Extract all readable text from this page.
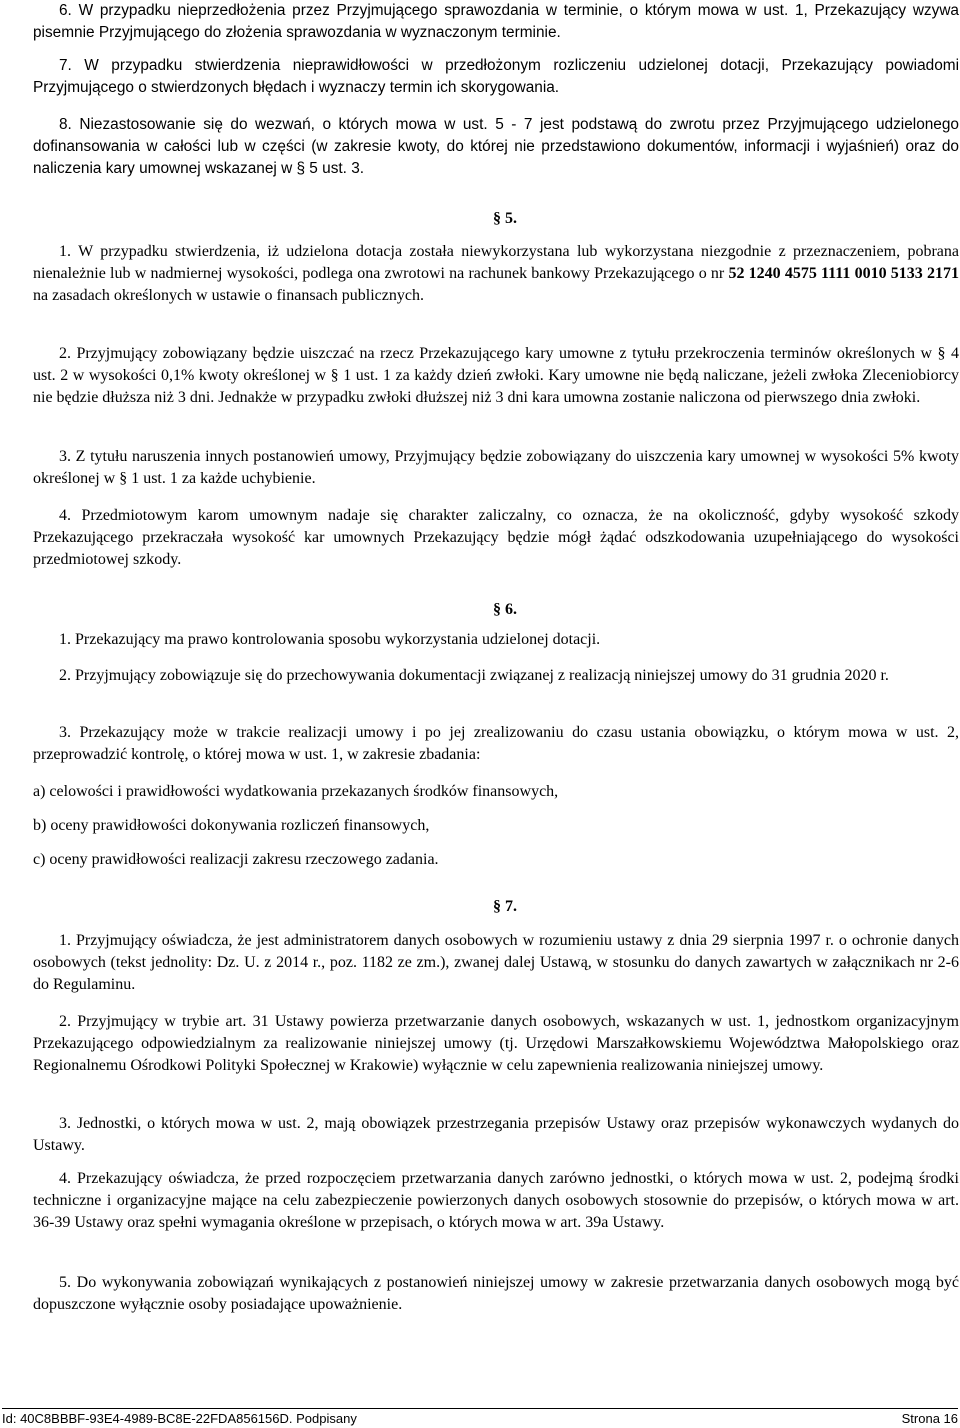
6. W przypadku nieprzedłożenia przez Przyjmującego sprawozdania w terminie, o którym mowa w ust. 1, Przekazujący wzywa pisemnie Przyjmującego do złożenia sprawozdania w wyznaczonym terminie.

7. W przypadku stwierdzenia nieprawidłowości w przedłożonym rozliczeniu udzielonej dotacji, Przekazujący powiadomi Przyjmującego o stwierdzonych błędach i wyznaczy termin ich skorygowania.

8. Niezastosowanie się do wezwań, o których mowa w ust. 5 - 7 jest podstawą do zwrotu przez Przyjmującego udzielonego dofinansowania w całości lub w części (w zakresie kwoty, do której nie przedstawiono dokumentów, informacji i wyjaśnień) oraz do naliczenia kary umownej wskazanej w § 5 ust. 3.

§ 5.

1. W przypadku stwierdzenia, iż udzielona dotacja została niewykorzystana lub wykorzystana niezgodnie z przeznaczeniem, pobrana nienależnie lub w nadmiernej wysokości, podlega ona zwrotowi na rachunek bankowy Przekazującego o nr 52 1240 4575 1111 0010 5133 2171 na zasadach określonych w ustawie o finansach publicznych.

2. Przyjmujący zobowiązany będzie uiszczać na rzecz Przekazującego kary umowne z tytułu przekroczenia terminów określonych w § 4 ust. 2 w wysokości 0,1% kwoty określonej w § 1 ust. 1 za każdy dzień zwłoki. Kary umowne nie będą naliczane, jeżeli zwłoka Zleceniobiorcy nie będzie dłuższa niż 3 dni. Jednakże w przypadku zwłoki dłuższej niż 3 dni kara umowna zostanie naliczona od pierwszego dnia zwłoki.

3. Z tytułu naruszenia innych postanowień umowy, Przyjmujący będzie zobowiązany do uiszczenia kary umownej w wysokości 5% kwoty określonej w § 1 ust. 1 za każde uchybienie.

4. Przedmiotowym karom umownym nadaje się charakter zaliczalny, co oznacza, że na okoliczność, gdyby wysokość szkody Przekazującego przekraczała wysokość kar umownych Przekazujący będzie mógł żądać odszkodowania uzupełniającego do wysokości przedmiotowej szkody.

§ 6.

1. Przekazujący ma prawo kontrolowania sposobu wykorzystania udzielonej dotacji.

2. Przyjmujący zobowiązuje się do przechowywania dokumentacji związanej z realizacją niniejszej umowy do 31 grudnia 2020 r.

3. Przekazujący może w trakcie realizacji umowy i po jej zrealizowaniu do czasu ustania obowiązku, o którym mowa w ust. 2, przeprowadzić kontrolę, o której mowa w ust. 1, w zakresie zbadania:

a) celowości i prawidłowości wydatkowania przekazanych środków finansowych,

b) oceny prawidłowości dokonywania rozliczeń finansowych,

c) oceny prawidłowości realizacji zakresu rzeczowego zadania.

§ 7.

1. Przyjmujący oświadcza, że jest administratorem danych osobowych w rozumieniu ustawy z dnia 29 sierpnia 1997 r. o ochronie danych osobowych (tekst jednolity: Dz. U. z 2014 r., poz. 1182 ze zm.), zwanej dalej Ustawą, w stosunku do danych zawartych w załącznikach nr 2-6 do Regulaminu.

2. Przyjmujący w trybie art. 31 Ustawy powierza przetwarzanie danych osobowych, wskazanych w ust. 1, jednostkom organizacyjnym Przekazującego odpowiedzialnym za realizowanie niniejszej umowy (tj. Urzędowi Marszałkowskiemu Województwa Małopolskiego oraz Regionalnemu Ośrodkowi Polityki Społecznej w Krakowie) wyłącznie w celu zapewnienia realizowania niniejszej umowy.

3. Jednostki, o których mowa w ust. 2, mają obowiązek przestrzegania przepisów Ustawy oraz przepisów wykonawczych wydanych do Ustawy.

4. Przekazujący oświadcza, że przed rozpoczęciem przetwarzania danych zarówno jednostki, o których mowa w ust. 2, podejmą środki techniczne i organizacyjne mające na celu zabezpieczenie powierzonych danych osobowych stosownie do przepisów, o których mowa w art. 36-39 Ustawy oraz spełni wymagania określone w przepisach, o których mowa w art. 39a Ustawy.

5. Do wykonywania zobowiązań wynikających z postanowień niniejszej umowy w zakresie przetwarzania danych osobowych mogą być dopuszczone wyłącznie osoby posiadające upoważnienie.

Id: 40C8BBBF-93E4-4989-BC8E-22FDA856156D. Podpisany	Strona 16
